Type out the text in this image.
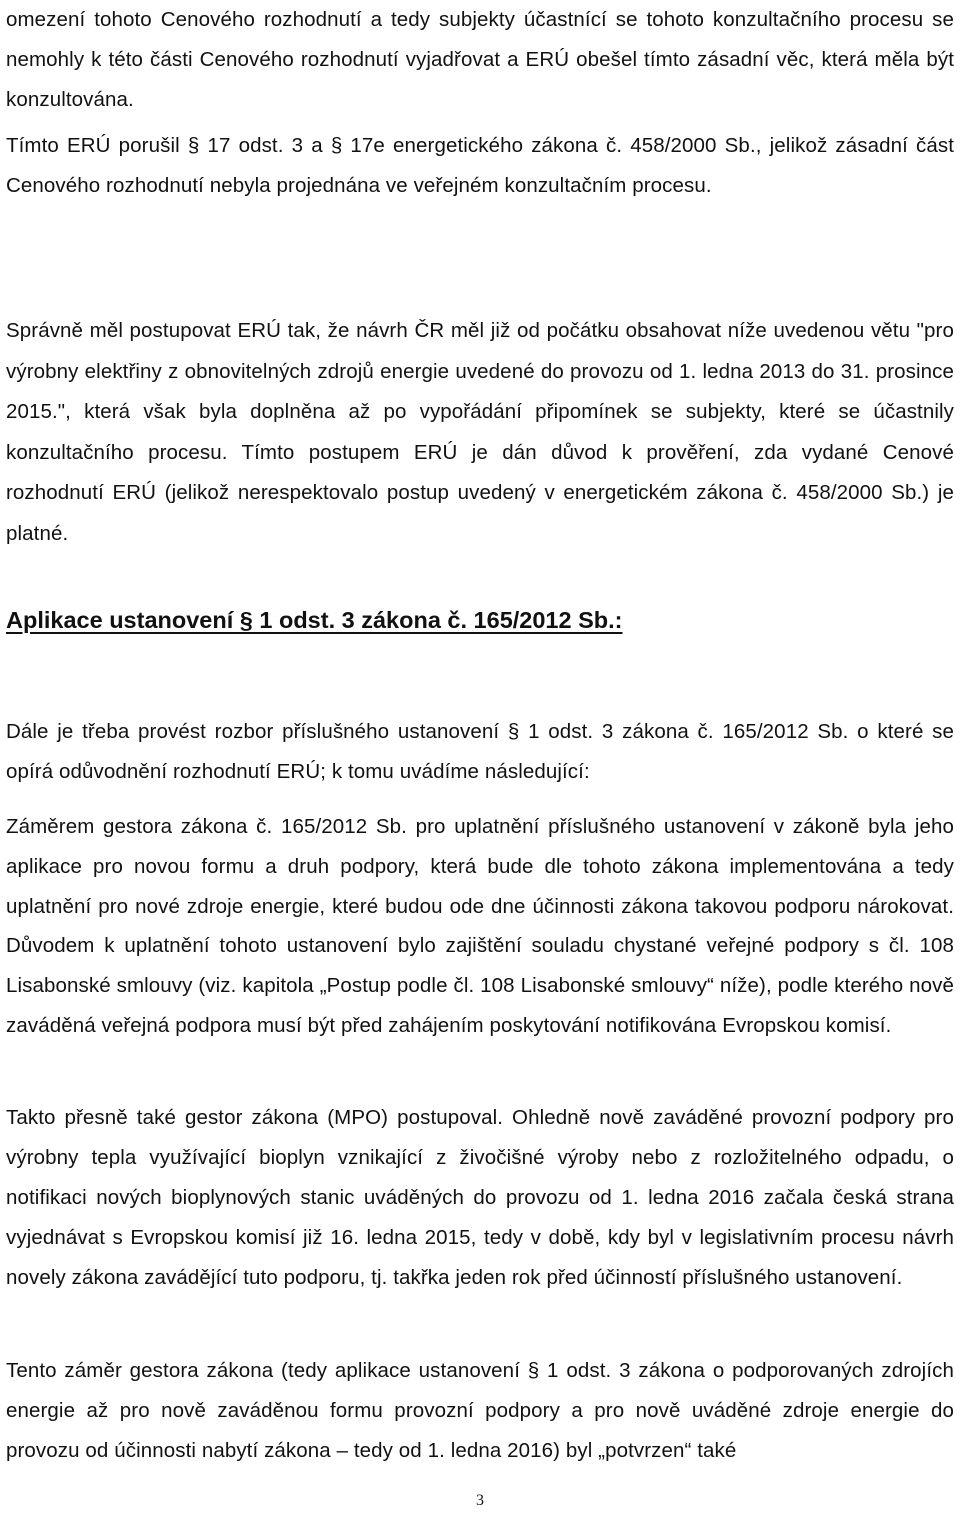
omezení tohoto Cenového rozhodnutí a tedy subjekty účastnící se tohoto konzultačního procesu se nemohly k této části Cenového rozhodnutí vyjadřovat a ERÚ obešel tímto zásadní věc, která měla být konzultována.

Tímto ERÚ porušil § 17 odst. 3 a § 17e energetického zákona č. 458/2000 Sb., jelikož zásadní část Cenového rozhodnutí nebyla projednána ve veřejném konzultačním procesu.

Správně měl postupovat ERÚ tak, že návrh ČR měl již od počátku obsahovat níže uvedenou větu "pro výrobny elektřiny z obnovitelných zdrojů energie uvedené do provozu od 1. ledna 2013 do 31. prosince 2015.", která však byla doplněna až po vypořádání připomínek se subjekty, které se účastnily konzultačního procesu. Tímto postupem ERÚ je dán důvod k prověření, zda vydané Cenové rozhodnutí ERÚ (jelikož nerespektovalo postup uvedený v energetickém zákona č. 458/2000 Sb.) je platné.

Aplikace ustanovení § 1 odst. 3 zákona č. 165/2012 Sb.:

Dále je třeba provést rozbor příslušného ustanovení § 1 odst. 3 zákona č. 165/2012 Sb. o které se opírá odůvodnění rozhodnutí ERÚ; k tomu uvádíme následující:

Záměrem gestora zákona č. 165/2012 Sb. pro uplatnění příslušného ustanovení v zákoně byla jeho aplikace pro novou formu a druh podpory, která bude dle tohoto zákona implementována a tedy uplatnění pro nové zdroje energie, které budou ode dne účinnosti zákona takovou podporu nárokovat. Důvodem k uplatnění tohoto ustanovení bylo zajištění souladu chystané veřejné podpory s čl. 108 Lisabonské smlouvy (viz. kapitola „Postup podle čl. 108 Lisabonské smlouvy“ níže), podle kterého nově zaváděná veřejná podpora musí být před zahájením poskytování notifikována Evropskou komisí.

Takto přesně také gestor zákona (MPO) postupoval. Ohledně nově zaváděné provozní podpory pro výrobny tepla využívající bioplyn vznikající z živočišné výroby nebo z rozložitelného odpadu, o notifikaci nových bioplynových stanic uváděných do provozu od 1. ledna 2016 začala česká strana vyjednávat s Evropskou komisí již 16. ledna 2015, tedy v době, kdy byl v legislativním procesu návrh novely zákona zavádějící tuto podporu, tj. takřka jeden rok před účinností příslušného ustanovení.

Tento záměr gestora zákona (tedy aplikace ustanovení § 1 odst. 3 zákona o podporovaných zdrojích energie až pro nově zaváděnou formu provozní podpory a pro nově uváděné zdroje energie do provozu od účinnosti nabytí zákona – tedy od 1. ledna 2016) byl „potvrzen“ také

3
